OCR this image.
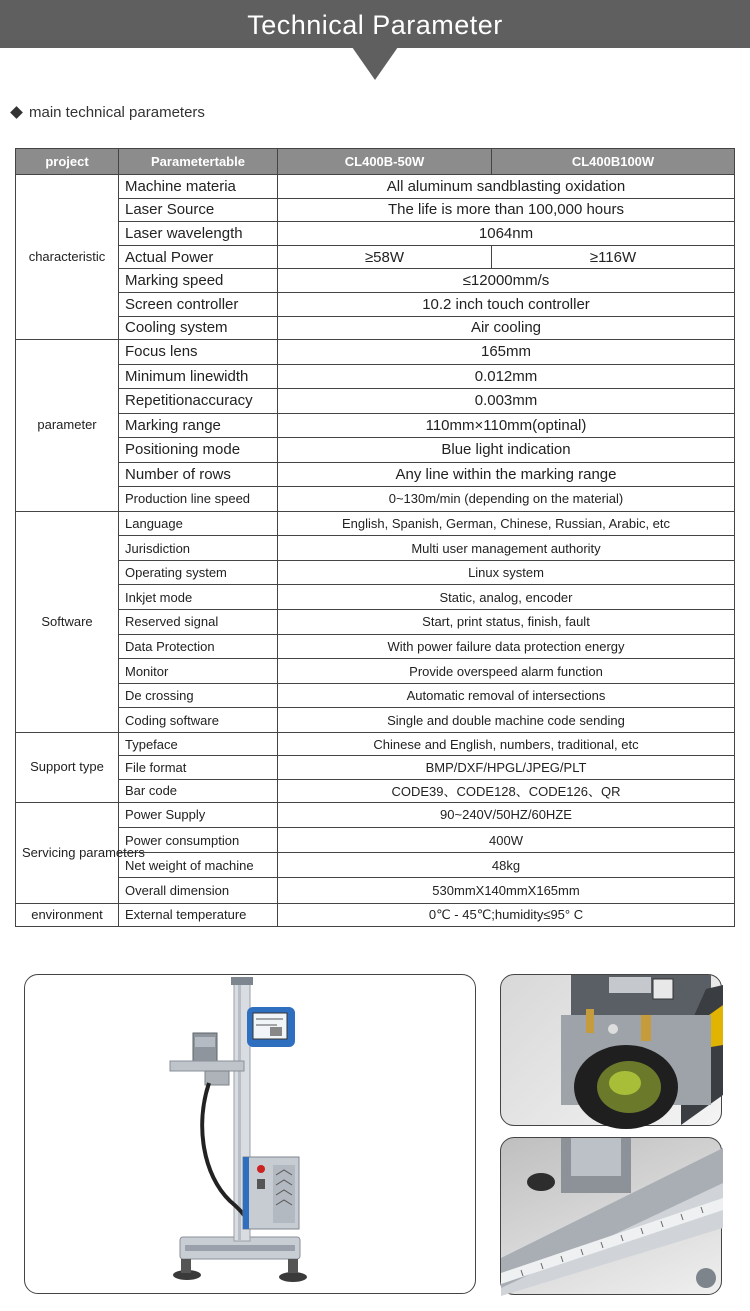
Technical Parameter
main technical parameters
project	Parametertable	CL400B-50W	CL400B100W
characteristic	Machine materia	All aluminum sandblasting oxidation	
	Laser Source	The life is more than 100,000 hours	
	Laser wavelength	1064nm	
	Actual Power	≥58W	≥116W
	Marking speed	≤12000mm/s	
	Screen controller	10.2 inch touch controller	
	Cooling system	Air cooling	
parameter	Focus lens	165mm	
	Minimum linewidth	0.012mm	
	Repetitionaccuracy	0.003mm	
	Marking range	110mm×110mm(optinal)	
	Positioning mode	Blue light indication	
	Number of rows	Any line within the marking range	
	Production line speed	0~130m/min (depending on the material)	
Software	Language	English, Spanish, German, Chinese, Russian, Arabic, etc	
	Jurisdiction	Multi user management authority	
	Operating system	Linux system	
	Inkjet mode	Static, analog, encoder	
	Reserved signal	Start, print status, finish, fault	
	Data Protection	With power failure data protection energy	
	Monitor	Provide overspeed alarm function	
	De crossing	Automatic removal of intersections	
	Coding software	Single and double machine code sending	
Support type	Typeface	Chinese and English, numbers, traditional, etc	
	File format	BMP/DXF/HPGL/JPEG/PLT	
	Bar code	CODE39、CODE128、CODE126、QR	
Servicing parameters	Power Supply	90~240V/50HZ/60HZE	
	Power consumption	400W	
	Net weight of machine	48kg	
	Overall dimension	530mmX140mmX165mm	
environment	External temperature	0℃ - 45℃;humidity≤95° C	
